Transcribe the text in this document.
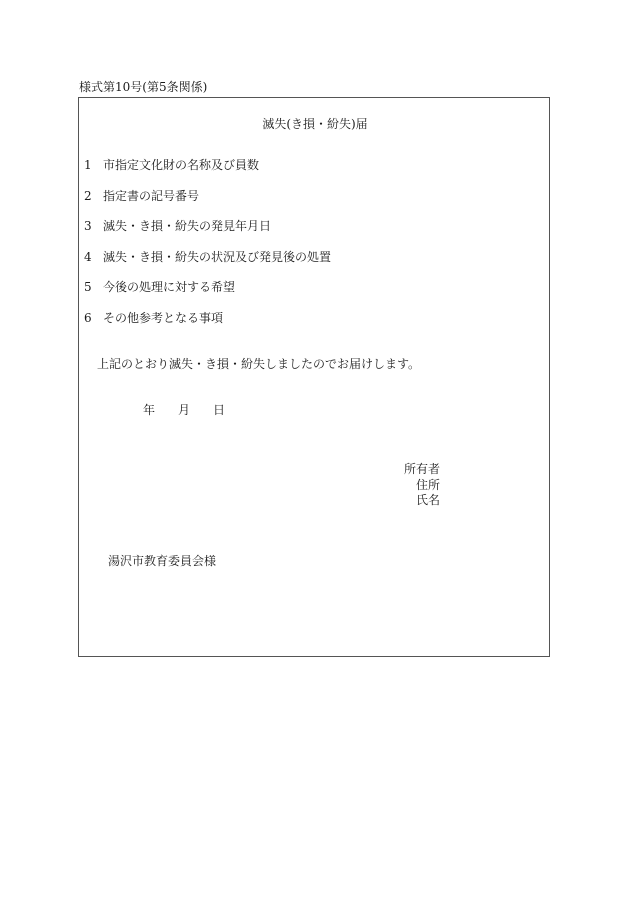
様式第10号(第5条関係)
滅失(き損・紛失)届
1 市指定文化財の名称及び員数
2 指定書の記号番号
3 滅失・き損・紛失の発見年月日
4 滅失・き損・紛失の状況及び発見後の処置
5 今後の処理に対する希望
6 その他参考となる事項
上記のとおり滅失・き損・紛失しましたのでお届けします。
年 月 日
所有者
住所
氏名
湯沢市教育委員会様
